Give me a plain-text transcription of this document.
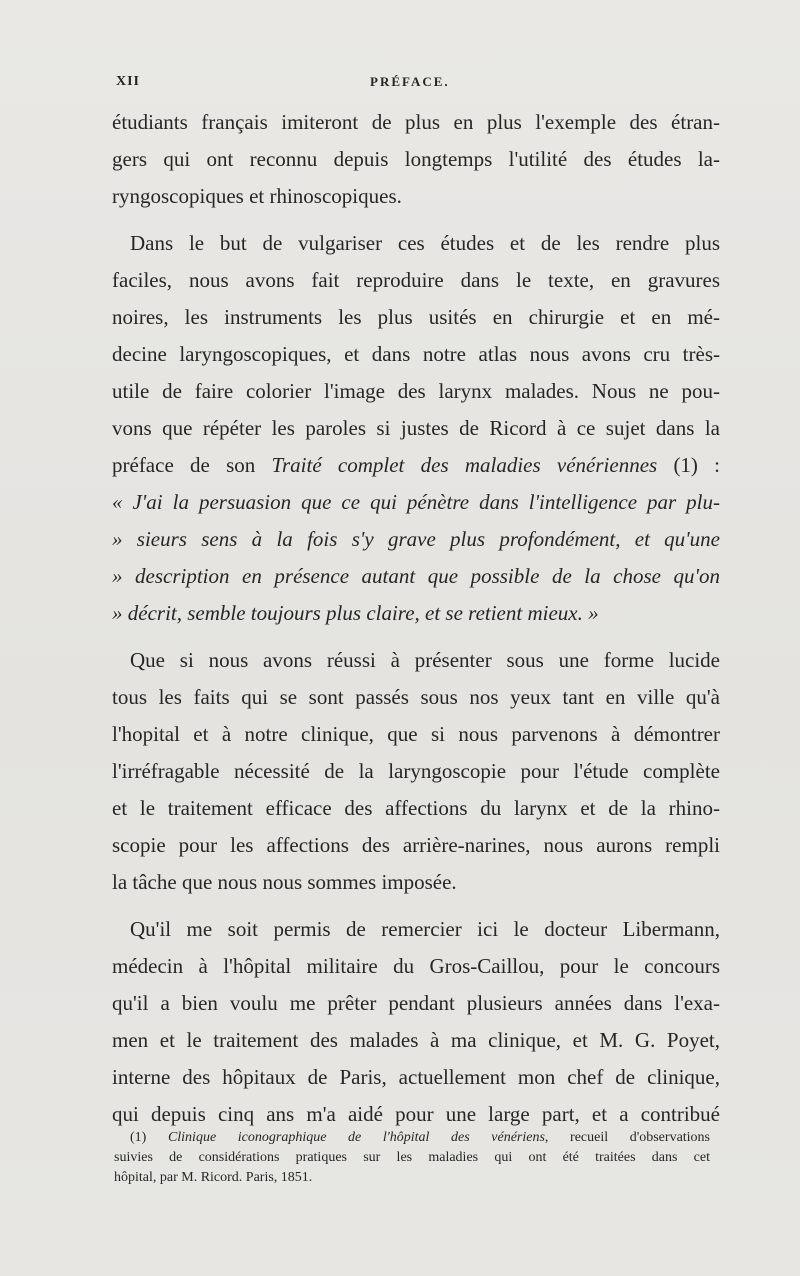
XII	PRÉFACE.
étudiants français imiteront de plus en plus l'exemple des étran-
gers qui ont reconnu depuis longtemps l'utilité des études la-
ryngoscopiques et rhinoscopiques.
Dans le but de vulgariser ces études et de les rendre plus
faciles, nous avons fait reproduire dans le texte, en gravures
noires, les instruments les plus usités en chirurgie et en mé-
decine laryngoscopiques, et dans notre atlas nous avons cru très-
utile de faire colorier l'image des larynx malades. Nous ne pou-
vons que répéter les paroles si justes de Ricord à ce sujet dans la
préface de son Traité complet des maladies vénériennes (1) :
« J'ai la persuasion que ce qui pénètre dans l'intelligence par plu-
» sieurs sens à la fois s'y grave plus profondément, et qu'une
» description en présence autant que possible de la chose qu'on
» décrit, semble toujours plus claire, et se retient mieux. »
Que si nous avons réussi à présenter sous une forme lucide
tous les faits qui se sont passés sous nos yeux tant en ville qu'à
l'hopital et à notre clinique, que si nous parvenons à démontrer
l'irréfragable nécessité de la laryngoscopie pour l'étude complète
et le traitement efficace des affections du larynx et de la rhino-
scopie pour les affections des arrière-narines, nous aurons rempli
la tâche que nous nous sommes imposée.
Qu'il me soit permis de remercier ici le docteur Libermann,
médecin à l'hôpital militaire du Gros-Caillou, pour le concours
qu'il a bien voulu me prêter pendant plusieurs années dans l'exa-
men et le traitement des malades à ma clinique, et M. G. Poyet,
interne des hôpitaux de Paris, actuellement mon chef de clinique,
qui depuis cinq ans m'a aidé pour une large part, et a contribué
(1) Clinique iconographique de l'hôpital des vénériens, recueil d'observations
suivies de considérations pratiques sur les maladies qui ont été traitées dans cet
hôpital, par M. Ricord. Paris, 1851.
